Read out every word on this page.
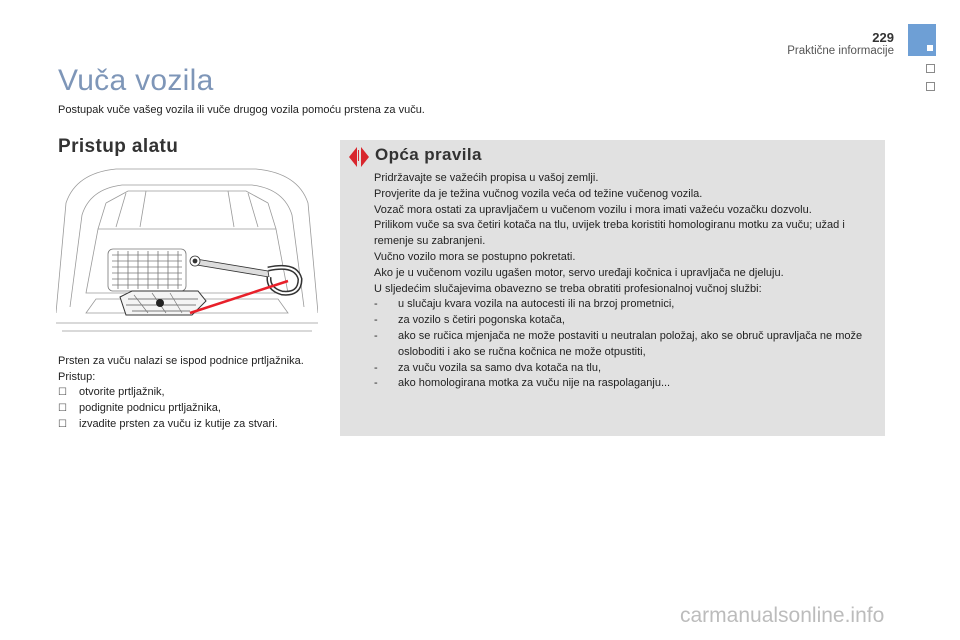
229
Praktične informacije
Vuča vozila
Postupak vuče vašeg vozila ili vuče drugog vozila pomoću prstena za vuču.
Pristup alatu

Prsten za vuču nalazi se ispod podnice prtljažnika.

Pristup:

☐ otvorite prtljažnik,
☐ podignite podnicu prtljažnika,
☐ izvadite prsten za vuču iz kutije za stvari.
Opća pravila

Pridržavajte se važećih propisa u vašoj zemlji.

Provjerite da je težina vučnog vozila veća od težine vučenog vozila.

Vozač mora ostati za upravljačem u vučenom vozilu i mora imati važeću vozačku dozvolu.

Prilikom vuče sa sva četiri kotača na tlu, uvijek treba koristiti homologiranu motku za vuču; užad i remenje su zabranjeni.

Vučno vozilo mora se postupno pokretati.

Ako je u vučenom vozilu ugašen motor, servo uređaji kočnica i upravljača ne djeluju.

U sljedećim slučajevima obavezno se treba obratiti profesionalnoj vučnoj službi:

- u slučaju kvara vozila na autocesti ili na brzoj prometnici,
- za vozilo s četiri pogonska kotača,
- ako se ručica mjenjača ne može postaviti u neutralan položaj, ako se obruč upravljača ne može osloboditi i ako se ručna kočnica ne može otpustiti,
- za vuču vozila sa samo dva kotača na tlu,
- ako homologirana motka za vuču nije na raspolaganju...
carmanualsonline.info
